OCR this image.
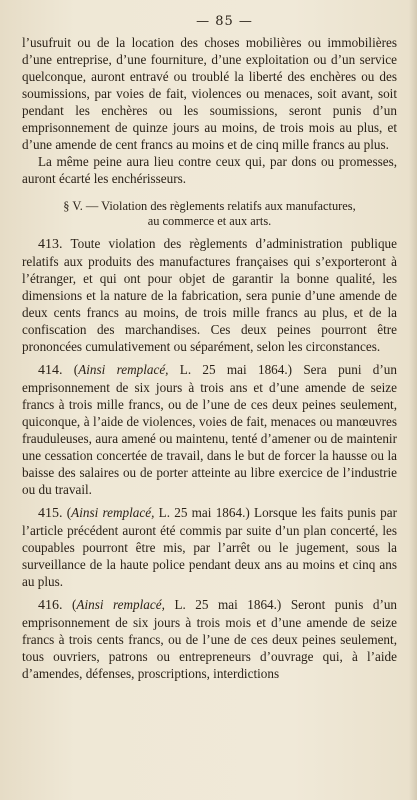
— 85 —

l’usufruit ou de la location des choses mobilières ou immobilières d’une entreprise, d’une fourniture, d’une exploitation ou d’un service quelconque, auront entravé ou troublé la liberté des enchères ou des soumissions, par voies de fait, violences ou menaces, soit avant, soit pendant les enchères ou les soumissions, seront punis d’un emprisonnement de quinze jours au moins, de trois mois au plus, et d’une amende de cent francs au moins et de cinq mille francs au plus.

La même peine aura lieu contre ceux qui, par dons ou promesses, auront écarté les enchérisseurs.

§ V. — Violation des règlements relatifs aux manufactures,
au commerce et aux arts.

413. Toute violation des règlements d’administration publique relatifs aux produits des manufactures françaises qui s’exporteront à l’étranger, et qui ont pour objet de garantir la bonne qualité, les dimensions et la nature de la fabrication, sera punie d’une amende de deux cents francs au moins, de trois mille francs au plus, et de la confiscation des marchandises. Ces deux peines pourront être prononcées cumulativement ou séparément, selon les circonstances.

414. (Ainsi remplacé, L. 25 mai 1864.) Sera puni d’un emprisonnement de six jours à trois ans et d’une amende de seize francs à trois mille francs, ou de l’une de ces deux peines seulement, quiconque, à l’aide de violences, voies de fait, menaces ou manœuvres frauduleuses, aura amené ou maintenu, tenté d’amener ou de maintenir une cessation concertée de travail, dans le but de forcer la hausse ou la baisse des salaires ou de porter atteinte au libre exercice de l’industrie ou du travail.

415. (Ainsi remplacé, L. 25 mai 1864.) Lorsque les faits punis par l’article précédent auront été commis par suite d’un plan concerté, les coupables pourront être mis, par l’arrêt ou le jugement, sous la surveillance de la haute police pendant deux ans au moins et cinq ans au plus.

416. (Ainsi remplacé, L. 25 mai 1864.) Seront punis d’un emprisonnement de six jours à trois mois et d’une amende de seize francs à trois cents francs, ou de l’une de ces deux peines seulement, tous ouvriers, patrons ou entrepreneurs d’ouvrage qui, à l’aide d’amendes, défenses, proscriptions, interdictions
